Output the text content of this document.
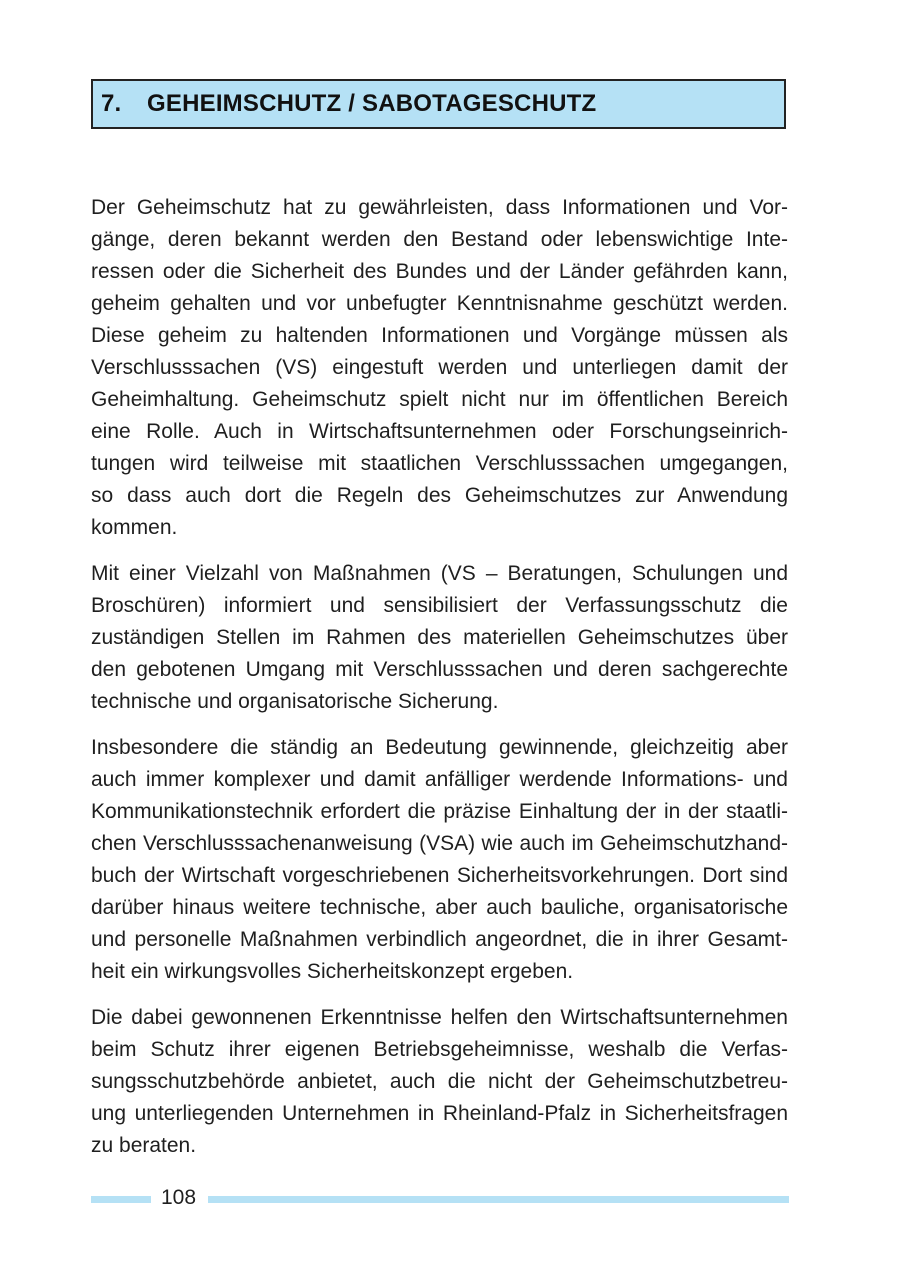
7.	GEHEIMSCHUTZ / SABOTAGESCHUTZ

Der Geheimschutz hat zu gewährleisten, dass Informationen und Vor-
gänge, deren bekannt werden den Bestand oder lebenswichtige Inte-
ressen oder die Sicherheit des Bundes und der Länder gefährden kann,
geheim gehalten und vor unbefugter Kenntnisnahme geschützt werden.
Diese geheim zu haltenden Informationen und Vorgänge müssen als
Verschlusssachen (VS) eingestuft werden und unterliegen damit der
Geheimhaltung. Geheimschutz spielt nicht nur im öffentlichen Bereich
eine Rolle. Auch in Wirtschaftsunternehmen oder Forschungseinrich-
tungen wird teilweise mit staatlichen Verschlusssachen umgegangen,
so dass auch dort die Regeln des Geheimschutzes zur Anwendung
kommen.

Mit einer Vielzahl von Maßnahmen (VS – Beratungen, Schulungen und
Broschüren) informiert und sensibilisiert der Verfassungsschutz die
zuständigen Stellen im Rahmen des materiellen Geheimschutzes über
den gebotenen Umgang mit Verschlusssachen und deren sachgerechte
technische und organisatorische Sicherung.

Insbesondere die ständig an Bedeutung gewinnende, gleichzeitig aber
auch immer komplexer und damit anfälliger werdende Informations- und
Kommunikationstechnik erfordert die präzise Einhaltung der in der staatli-
chen Verschlusssachenanweisung (VSA) wie auch im Geheimschutzhand-
buch der Wirtschaft vorgeschriebenen Sicherheitsvorkehrungen. Dort sind
darüber hinaus weitere technische, aber auch bauliche, organisatorische
und personelle Maßnahmen verbindlich angeordnet, die in ihrer Gesamt-
heit ein wirkungsvolles Sicherheitskonzept ergeben.

Die dabei gewonnenen Erkenntnisse helfen den Wirtschaftsunternehmen
beim Schutz ihrer eigenen Betriebsgeheimnisse, weshalb die Verfas-
sungsschutzbehörde anbietet, auch die nicht der Geheimschutzbetreu-
ung unterliegenden Unternehmen in Rheinland-Pfalz in Sicherheitsfragen
zu beraten.

108
